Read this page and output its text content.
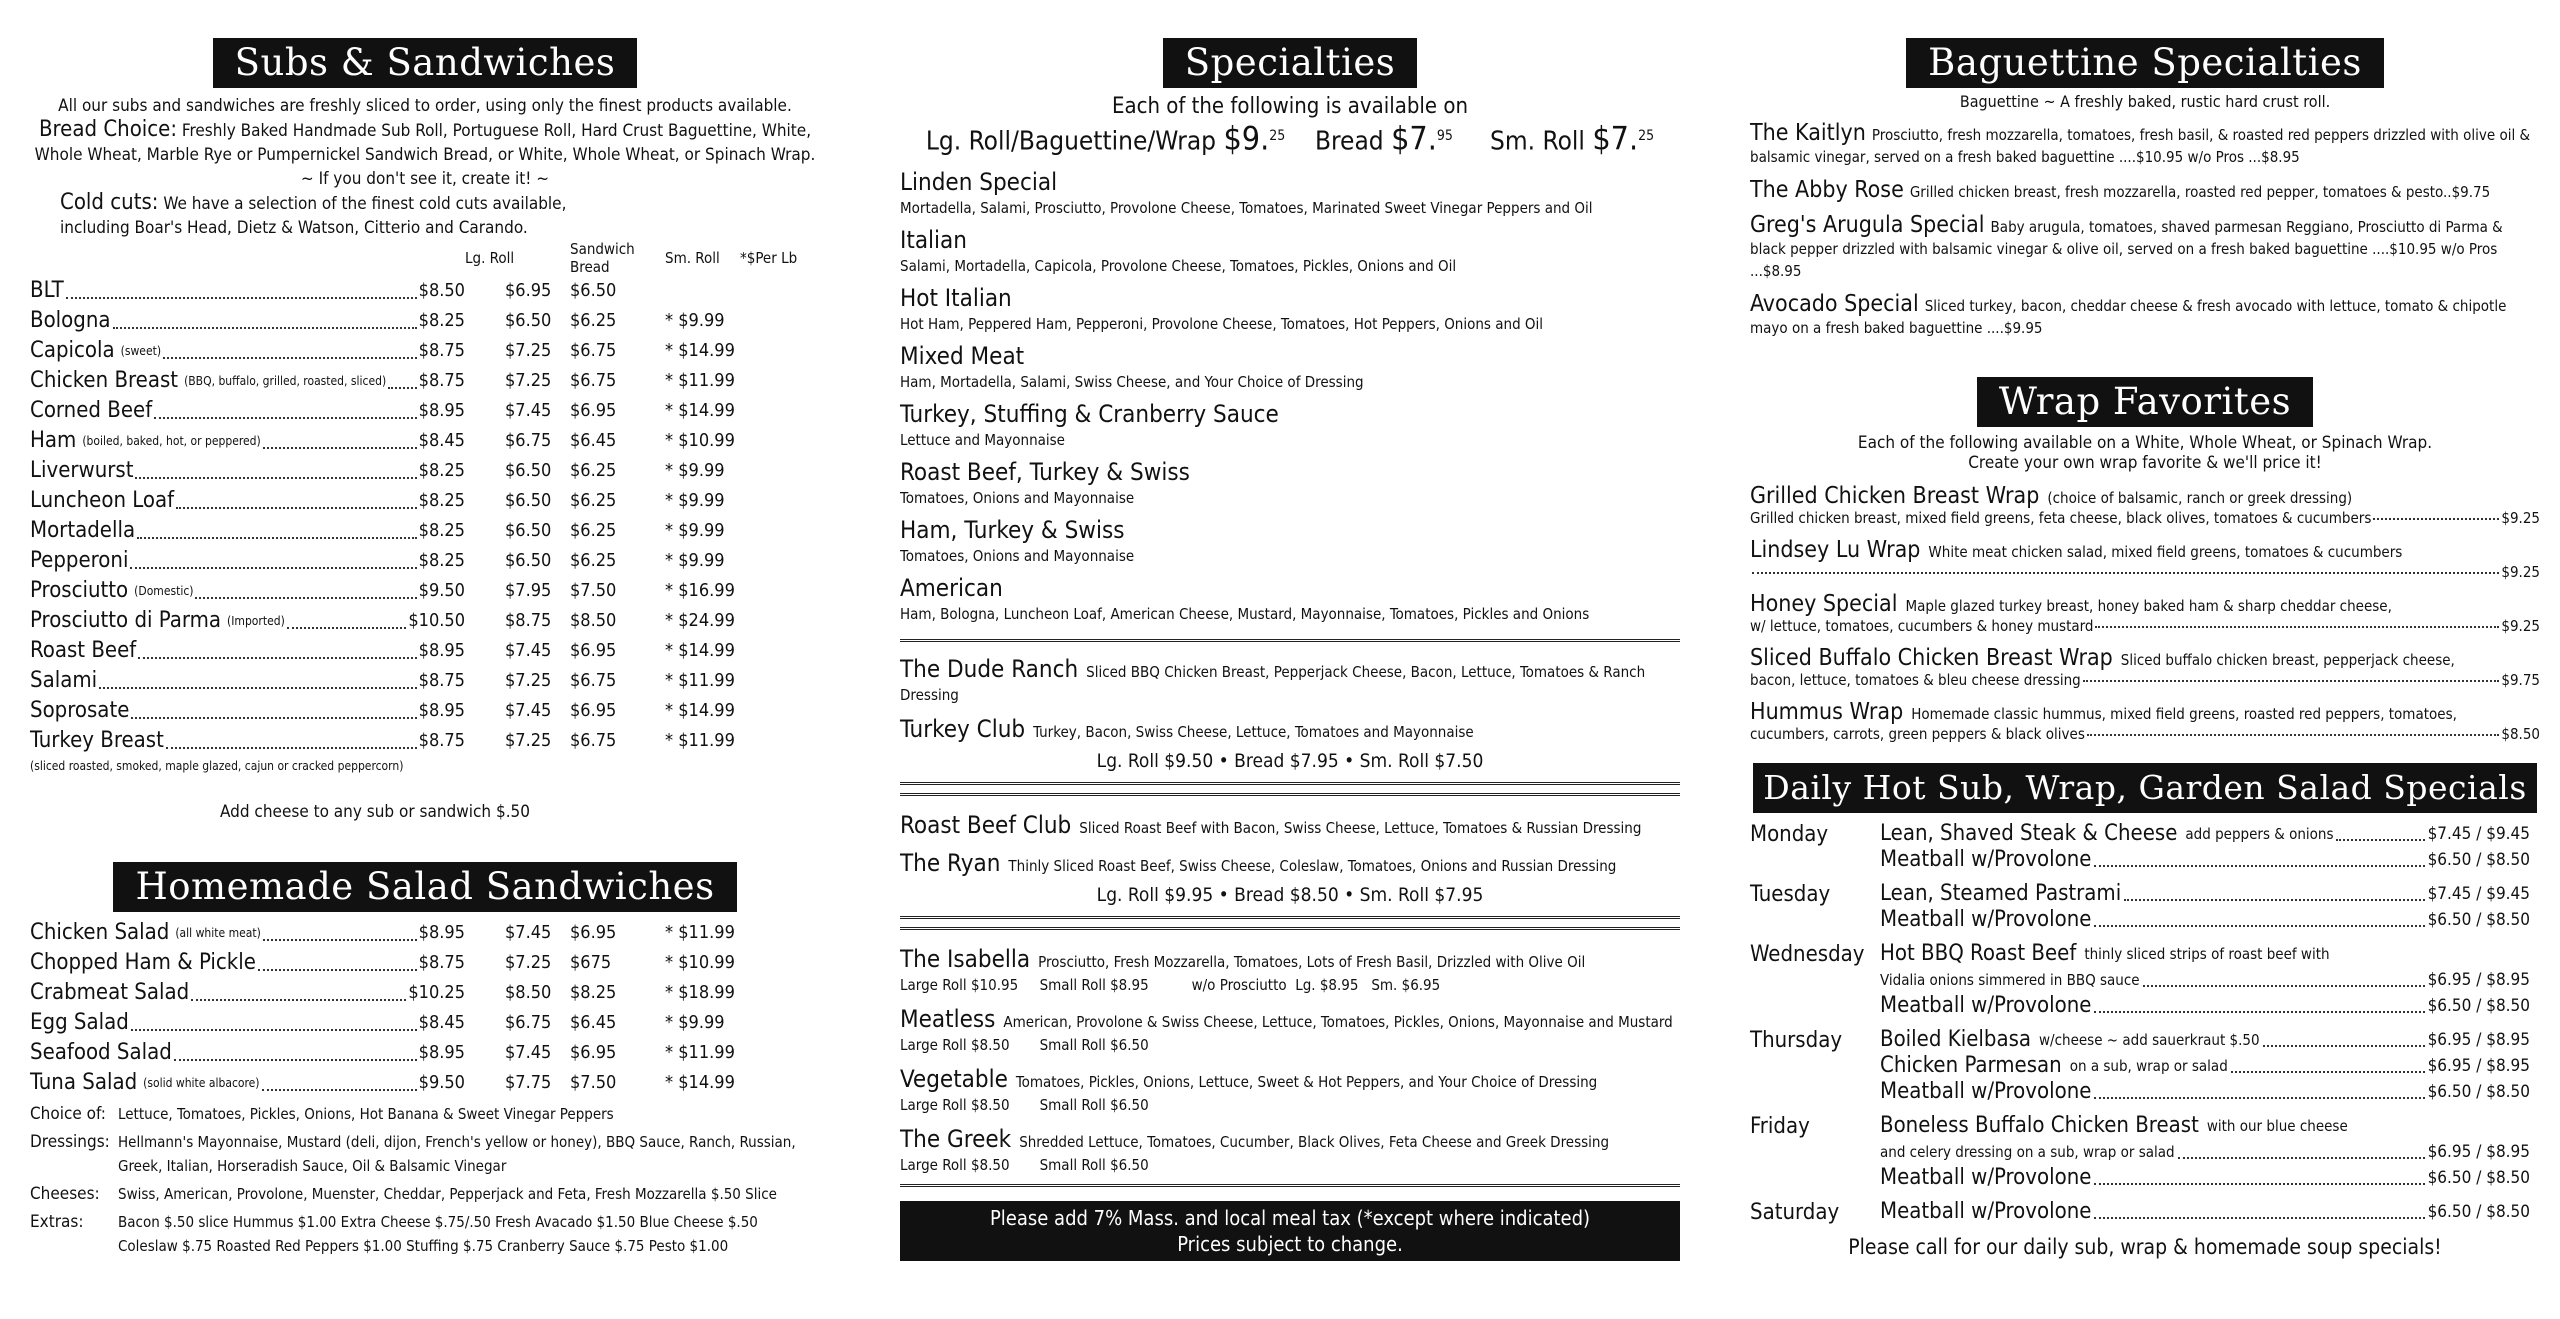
Subs & Sandwiches
All our subs and sandwiches are freshly sliced to order, using only the finest products available.
Bread Choice: Freshly Baked Handmade Sub Roll, Portuguese Roll, Hard Crust Baguettine, White, Whole Wheat, Marble Rye or Pumpernickel Sandwich Bread, or White, Whole Wheat, or Spinach Wrap.
~ If you don't see it, create it! ~
Cold cuts: We have a selection of the finest cold cuts available, including Boar's Head, Dietz & Watson, Citterio and Carando.
	Lg. Roll	Sandwich Bread	Sm. Roll	*$Per Lb

BLT $8.50	$6.95	$6.50		

Bologna $8.25	$6.50	$6.25	* $9.99	

Capicola (sweet) $8.75	$7.25	$6.75	* $14.99	

Chicken Breast (BBQ, buffalo, grilled, roasted, sliced) $8.75	$7.25	$6.75	* $11.99	

Corned Beef $8.95	$7.45	$6.95	* $14.99	

Ham (boiled, baked, hot, or peppered) $8.45	$6.75	$6.45	* $10.99	

Liverwurst $8.25	$6.50	$6.25	* $9.99	

Luncheon Loaf $8.25	$6.50	$6.25	* $9.99	

Mortadella $8.25	$6.50	$6.25	* $9.99	

Pepperoni $8.25	$6.50	$6.25	* $9.99	

Prosciutto (Domestic) $9.50	$7.95	$7.50	* $16.99	

Prosciutto di Parma (Imported) $10.50	$8.75	$8.50	* $24.99	

Roast Beef $8.95	$7.45	$6.95	* $14.99	

Salami $8.75	$7.25	$6.75	* $11.99	

Soprosate $8.95	$7.45	$6.95	* $14.99	

Turkey Breast $8.75	$7.25	$6.75	* $11.99	
(sliced roasted, smoked, maple glazed, cajun or cracked peppercorn)
Add cheese to any sub or sandwich $.50
Homemade Salad Sandwiches
Chicken Salad (all white meat) $8.95	$7.45	$6.95	* $11.99	

Chopped Ham & Pickle $8.75	$7.25	$675	* $10.99	

Crabmeat Salad $10.25	$8.50	$8.25	* $18.99	

Egg Salad $8.45	$6.75	$6.45	* $9.99	

Seafood Salad $8.95	$7.45	$6.95	* $11.99	

Tuna Salad (solid white albacore) $9.50	$7.75	$7.50	* $14.99	
Choice of: Lettuce, Tomatoes, Pickles, Onions, Hot Banana & Sweet Vinegar Peppers
Dressings: Hellmann's Mayonnaise, Mustard (deli, dijon, French's yellow or honey), BBQ Sauce, Ranch, Russian, Greek, Italian, Horseradish Sauce, Oil & Balsamic Vinegar
Cheeses:	Swiss, American, Provolone, Muenster, Cheddar, Pepperjack and Feta, Fresh Mozzarella $.50 Slice
Extras:	Bacon $.50 slice Hummus $1.00 Extra Cheese $.75/.50 Fresh Avacado $1.50 Blue Cheese $.50 Coleslaw $.75 Roasted Red Peppers $1.00 Stuffing $.75 Cranberry Sauce $.75 Pesto $1.00
Specialties
Each of the following is available on
Lg. Roll/Baguettine/Wrap $9.25 Bread $7.95 Sm. Roll $7.25
Linden Special
Mortadella, Salami, Prosciutto, Provolone Cheese, Tomatoes, Marinated Sweet Vinegar Peppers and Oil
Italian
Salami, Mortadella, Capicola, Provolone Cheese, Tomatoes, Pickles, Onions and Oil
Hot Italian
Hot Ham, Peppered Ham, Pepperoni, Provolone Cheese, Tomatoes, Hot Peppers, Onions and Oil
Mixed Meat
Ham, Mortadella, Salami, Swiss Cheese, and Your Choice of Dressing
Turkey, Stuffing & Cranberry Sauce
Lettuce and Mayonnaise
Roast Beef, Turkey & Swiss
Tomatoes, Onions and Mayonnaise
Ham, Turkey & Swiss
Tomatoes, Onions and Mayonnaise
American
Ham, Bologna, Luncheon Loaf, American Cheese, Mustard, Mayonnaise, Tomatoes, Pickles and Onions
The Dude Ranch Sliced BBQ Chicken Breast, Pepperjack Cheese, Bacon, Lettuce, Tomatoes & Ranch Dressing
Turkey Club Turkey, Bacon, Swiss Cheese, Lettuce, Tomatoes and Mayonnaise
Lg. Roll $9.50 • Bread $7.95 • Sm. Roll $7.50
Roast Beef Club Sliced Roast Beef with Bacon, Swiss Cheese, Lettuce, Tomatoes & Russian Dressing
The Ryan Thinly Sliced Roast Beef, Swiss Cheese, Coleslaw, Tomatoes, Onions and Russian Dressing
Lg. Roll $9.95 • Bread $8.50 • Sm. Roll $7.95
The Isabella Prosciutto, Fresh Mozzarella, Tomatoes, Lots of Fresh Basil, Drizzled with Olive Oil
Large Roll $10.95     Small Roll $8.95          w/o Prosciutto  Lg. $8.95   Sm. $6.95
Meatless American, Provolone & Swiss Cheese, Lettuce, Tomatoes, Pickles, Onions, Mayonnaise and Mustard
Large Roll $8.50       Small Roll $6.50
Vegetable Tomatoes, Pickles, Onions, Lettuce, Sweet & Hot Peppers, and Your Choice of Dressing
Large Roll $8.50       Small Roll $6.50
The Greek Shredded Lettuce, Tomatoes, Cucumber, Black Olives, Feta Cheese and Greek Dressing
Large Roll $8.50       Small Roll $6.50
Please add 7% Mass. and local meal tax (*except where indicated)
Prices subject to change.
Baguettine Specialties
Baguettine ~ A freshly baked, rustic hard crust roll.
The Kaitlyn Prosciutto, fresh mozzarella, tomatoes, fresh basil, & roasted red peppers drizzled with olive oil & balsamic vinegar, served on a fresh baked baguettine ....$10.95 w/o Pros ...$8.95
The Abby Rose Grilled chicken breast, fresh mozzarella, roasted red pepper, tomatoes & pesto..$9.75
Greg's Arugula Special Baby arugula, tomatoes, shaved parmesan Reggiano, Prosciutto di Parma & black pepper drizzled with balsamic vinegar & olive oil, served on a fresh baked baguettine ....$10.95 w/o Pros ...$8.95
Avocado Special Sliced turkey, bacon, cheddar cheese & fresh avocado with lettuce, tomato & chipotle mayo on a fresh baked baguettine ....$9.95
Wrap Favorites
Each of the following available on a White, Whole Wheat, or Spinach Wrap.
Create your own wrap favorite & we'll price it!
Grilled Chicken Breast Wrap (choice of balsamic, ranch or greek dressing)
Grilled chicken breast, mixed field greens, feta cheese, black olives, tomatoes & cucumbers	$9.25
Lindsey Lu Wrap White meat chicken salad, mixed field greens, tomatoes & cucumbers
$9.25
Honey Special Maple glazed turkey breast, honey baked ham & sharp cheddar cheese,
w/ lettuce, tomatoes, cucumbers & honey mustard	$9.25
Sliced Buffalo Chicken Breast Wrap Sliced buffalo chicken breast, pepperjack cheese,
bacon, lettuce, tomatoes & bleu cheese dressing	$9.75
Hummus Wrap Homemade classic hummus, mixed field greens, roasted red peppers, tomatoes,
cucumbers, carrots, green peppers & black olives	$8.50
Daily Hot Sub, Wrap, Garden Salad Specials
Monday	Lean, Shaved Steak & Cheese add peppers & onions	$7.45 / $9.45
Meatball w/Provolone	$6.50 / $8.50
Tuesday	Lean, Steamed Pastrami	$7.45 / $9.45
Meatball w/Provolone	$6.50 / $8.50
Wednesday Hot BBQ Roast Beef thinly sliced strips of roast beef with
Vidalia onions simmered in BBQ sauce	$6.95 / $8.95
Meatball w/Provolone	$6.50 / $8.50
Thursday	Boiled Kielbasa w/cheese ~ add sauerkraut $.50	$6.95 / $8.95
Chicken Parmesan on a sub, wrap or salad	$6.95 / $8.95
Meatball w/Provolone	$6.50 / $8.50
Friday	Boneless Buffalo Chicken Breast with our blue cheese
and celery dressing on a sub, wrap or salad	$6.95 / $8.95
Meatball w/Provolone	$6.50 / $8.50
Saturday	Meatball w/Provolone	$6.50 / $8.50
Please call for our daily sub, wrap & homemade soup specials!
